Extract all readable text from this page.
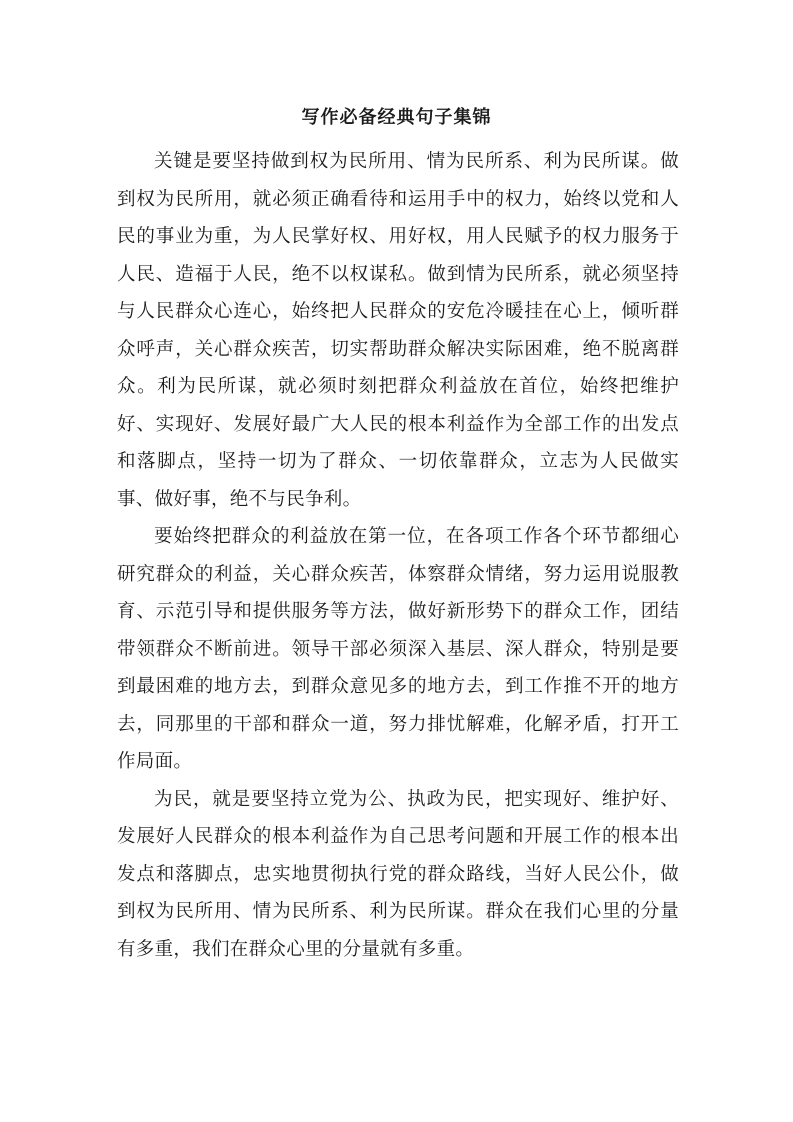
写作必备经典句子集锦

关键是要坚持做到权为民所用、情为民所系、利为民所谋。做到权为民所用，就必须正确看待和运用手中的权力，始终以党和人民的事业为重，为人民掌好权、用好权，用人民赋予的权力服务于人民、造福于人民，绝不以权谋私。做到情为民所系，就必须坚持与人民群众心连心，始终把人民群众的安危冷暖挂在心上，倾听群众呼声，关心群众疾苦，切实帮助群众解决实际困难，绝不脱离群众。利为民所谋，就必须时刻把群众利益放在首位，始终把维护好、实现好、发展好最广大人民的根本利益作为全部工作的出发点和落脚点，坚持一切为了群众、一切依靠群众，立志为人民做实事、做好事，绝不与民争利。

要始终把群众的利益放在第一位，在各项工作各个环节都细心研究群众的利益，关心群众疾苦，体察群众情绪，努力运用说服教育、示范引导和提供服务等方法，做好新形势下的群众工作，团结带领群众不断前进。领导干部必须深入基层、深人群众，特别是要到最困难的地方去，到群众意见多的地方去，到工作推不开的地方去，同那里的干部和群众一道，努力排忧解难，化解矛盾，打开工作局面。

为民，就是要坚持立党为公、执政为民，把实现好、维护好、发展好人民群众的根本利益作为自己思考问题和开展工作的根本出发点和落脚点，忠实地贯彻执行党的群众路线，当好人民公仆，做到权为民所用、情为民所系、利为民所谋。群众在我们心里的分量有多重，我们在群众心里的分量就有多重。
